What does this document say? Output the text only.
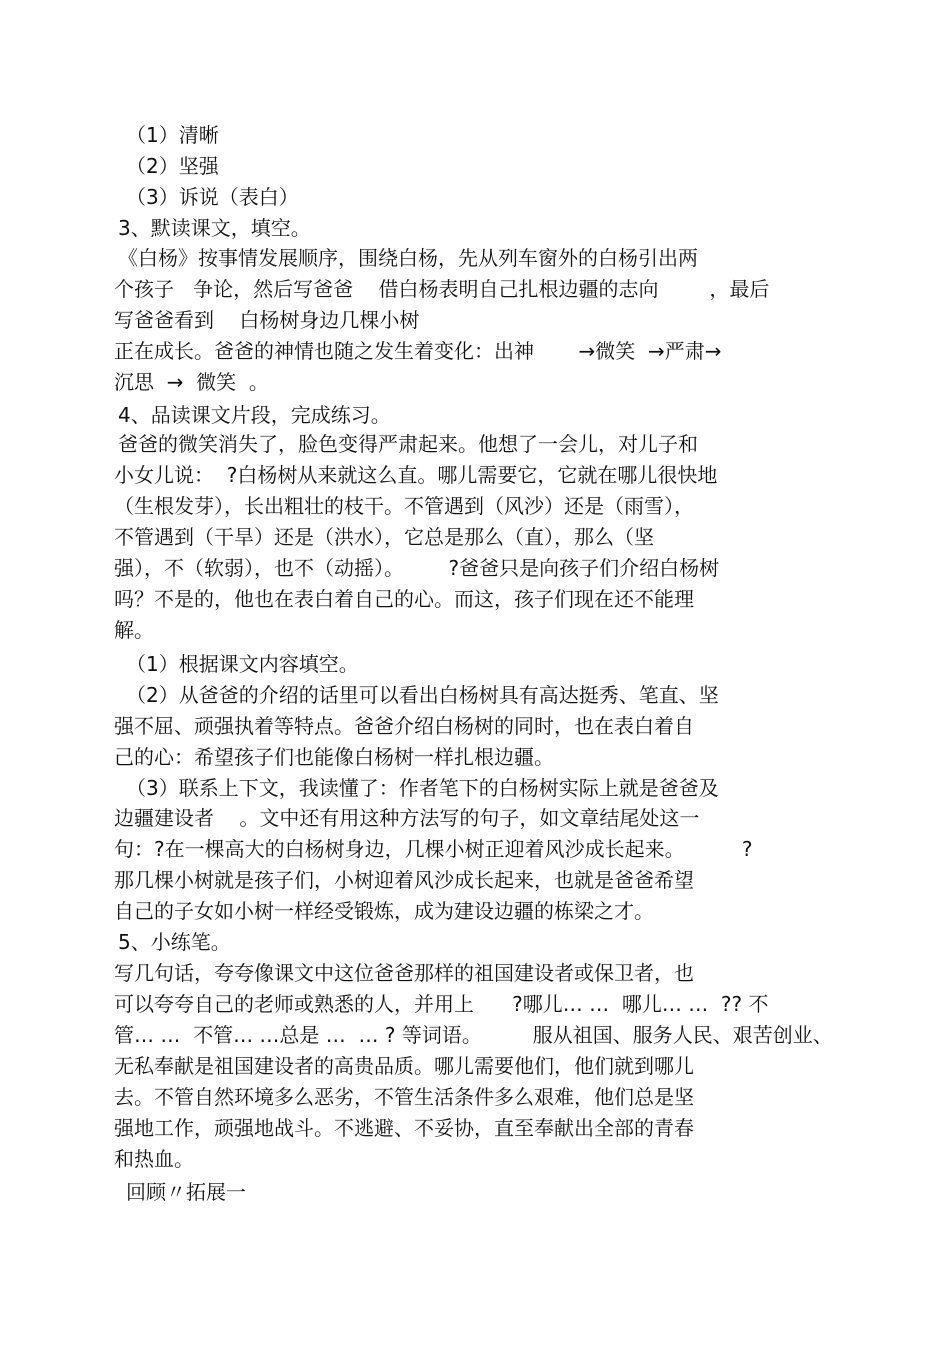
（1）清晰
（2）坚强
（3）诉说（表白）
3、默读课文，填空。
《白杨》按事情发展顺序，围绕白杨，先从列车窗外的白杨引出两
个孩子   争论，然后写爸爸    借白杨表明自己扎根边疆的志向        ，最后
写爸爸看到    白杨树身边几棵小树
正在成长。爸爸的神情也随之发生着变化：出神       →微笑  →严肃→
沉思  →  微笑  。
4、品读课文片段，完成练习。
爸爸的微笑消失了，脸色变得严肃起来。他想了一会儿，对儿子和
小女儿说：  ?白杨树从来就这么直。哪儿需要它，它就在哪儿很快地
（生根发芽），长出粗壮的枝干。不管遇到（风沙）还是（雨雪），
不管遇到（干旱）还是（洪水），它总是那么（直），那么（坚
强），不（软弱），也不（动摇）。       ?爸爸只是向孩子们介绍白杨树
吗？不是的，他也在表白着自己的心。而这，孩子们现在还不能理
解。
（1）根据课文内容填空。
（2）从爸爸的介绍的话里可以看出白杨树具有高达挺秀、笔直、坚
强不屈、顽强执着等特点。爸爸介绍白杨树的同时，也在表白着自
己的心：希望孩子们也能像白杨树一样扎根边疆。
（3）联系上下文，我读懂了：作者笔下的白杨树实际上就是爸爸及
边疆建设者    。文中还有用这种方法写的句子，如文章结尾处这一
句：?在一棵高大的白杨树身边，几棵小树正迎着风沙成长起来。         ?
那几棵小树就是孩子们，小树迎着风沙成长起来，也就是爸爸希望
自己的子女如小树一样经受锻炼，成为建设边疆的栋梁之才。
5、小练笔。
写几句话，夸夸像课文中这位爸爸那样的祖国建设者或保卫者，也
可以夸夸自己的老师或熟悉的人，并用上      ?哪儿… …  哪儿… …  ?? 不
管… …  不管… …总是 …  … ? 等词语。        服从祖国、服务人民、艰苦创业、
无私奉献是祖国建设者的高贵品质。哪儿需要他们，他们就到哪儿
去。不管自然环境多么恶劣，不管生活条件多么艰难，他们总是坚
强地工作，顽强地战斗。不逃避、不妥协，直至奉献出全部的青春
和热血。
回顾〃拓展一
